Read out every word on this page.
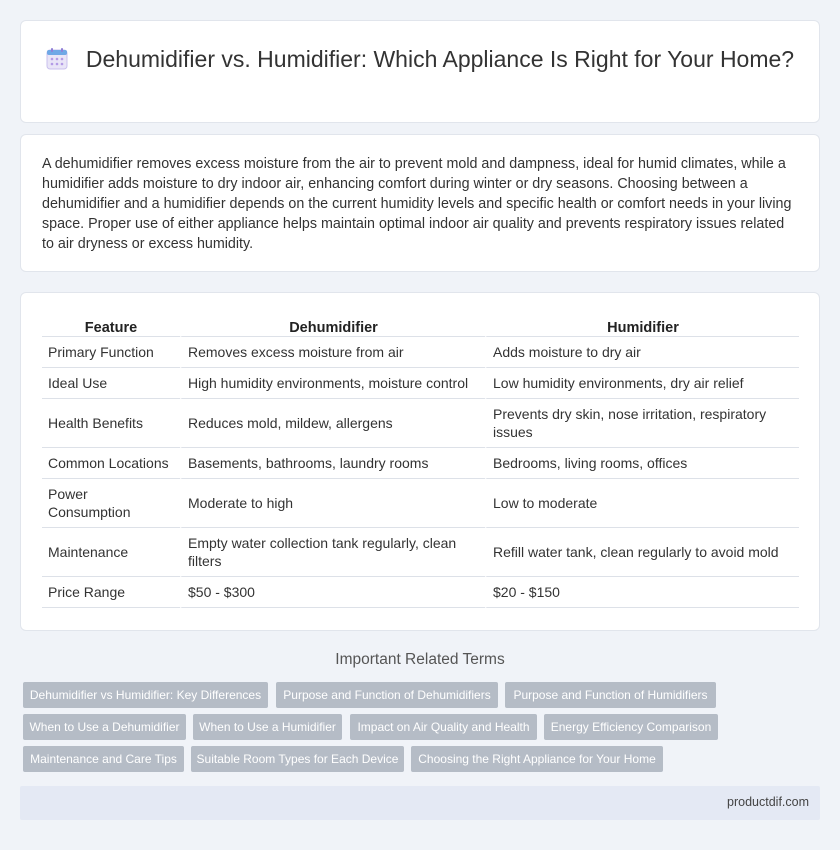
Dehumidifier vs. Humidifier: Which Appliance Is Right for Your Home?

A dehumidifier removes excess moisture from the air to prevent mold and dampness, ideal for humid climates, while a humidifier adds moisture to dry indoor air, enhancing comfort during winter or dry seasons. Choosing between a dehumidifier and a humidifier depends on the current humidity levels and specific health or comfort needs in your living space. Proper use of either appliance helps maintain optimal indoor air quality and prevents respiratory issues related to air dryness or excess humidity.

Feature	Dehumidifier	Humidifier
Primary Function	Removes excess moisture from air	Adds moisture to dry air
Ideal Use	High humidity environments, moisture control	Low humidity environments, dry air relief
Health Benefits	Reduces mold, mildew, allergens	Prevents dry skin, nose irritation, respiratory issues
Common Locations	Basements, bathrooms, laundry rooms	Bedrooms, living rooms, offices
Power Consumption	Moderate to high	Low to moderate
Maintenance	Empty water collection tank regularly, clean filters	Refill water tank, clean regularly to avoid mold
Price Range	$50 - $300	$20 - $150
Important Related Terms
Dehumidifier vs Humidifier: Key Differences	Purpose and Function of Dehumidifiers	Purpose and Function of Humidifiers
When to Use a Dehumidifier	When to Use a Humidifier	Impact on Air Quality and Health	Energy Efficiency Comparison
Maintenance and Care Tips	Suitable Room Types for Each Device	Choosing the Right Appliance for Your Home
productdif.com
